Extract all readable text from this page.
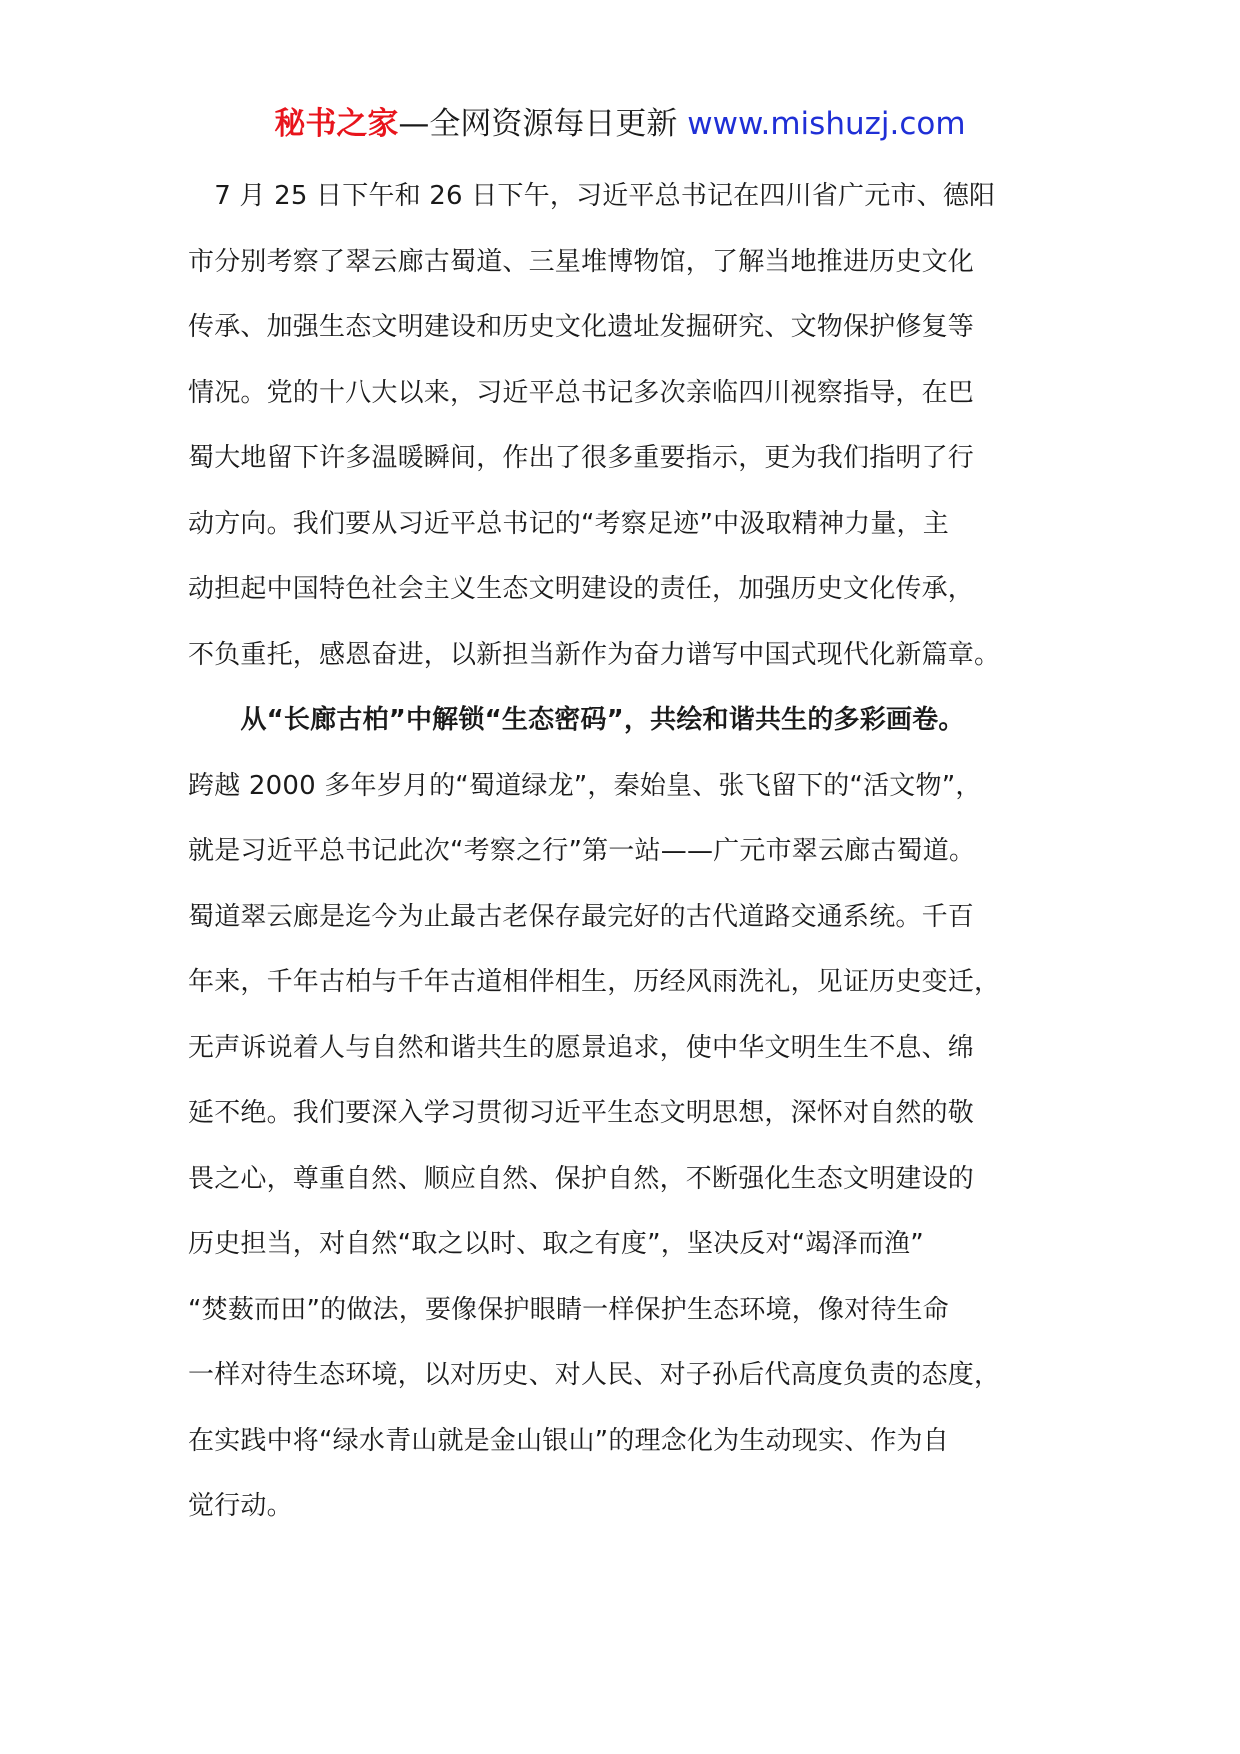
秘书之家—全网资源每日更新 www.mishuzj.com
　7 月 25 日下午和 26 日下午，习近平总书记在四川省广元市、德阳
市分别考察了翠云廊古蜀道、三星堆博物馆，了解当地推进历史文化
传承、加强生态文明建设和历史文化遗址发掘研究、文物保护修复等
情况。党的十八大以来，习近平总书记多次亲临四川视察指导，在巴
蜀大地留下许多温暖瞬间，作出了很多重要指示，更为我们指明了行
动方向。我们要从习近平总书记的“考察足迹”中汲取精神力量，主
动担起中国特色社会主义生态文明建设的责任，加强历史文化传承，
不负重托，感恩奋进，以新担当新作为奋力谱写中国式现代化新篇章。
　　从“长廊古柏”中解锁“生态密码”，共绘和谐共生的多彩画卷。
跨越 2000 多年岁月的“蜀道绿龙”，秦始皇、张飞留下的“活文物”，
就是习近平总书记此次“考察之行”第一站——广元市翠云廊古蜀道。
蜀道翠云廊是迄今为止最古老保存最完好的古代道路交通系统。千百
年来，千年古柏与千年古道相伴相生，历经风雨洗礼，见证历史变迁，
无声诉说着人与自然和谐共生的愿景追求，使中华文明生生不息、绵
延不绝。我们要深入学习贯彻习近平生态文明思想，深怀对自然的敬
畏之心，尊重自然、顺应自然、保护自然，不断强化生态文明建设的
历史担当，对自然“取之以时、取之有度”，坚决反对“竭泽而渔”
“焚薮而田”的做法，要像保护眼睛一样保护生态环境，像对待生命
一样对待生态环境，以对历史、对人民、对子孙后代高度负责的态度，
在实践中将“绿水青山就是金山银山”的理念化为生动现实、作为自
觉行动。
